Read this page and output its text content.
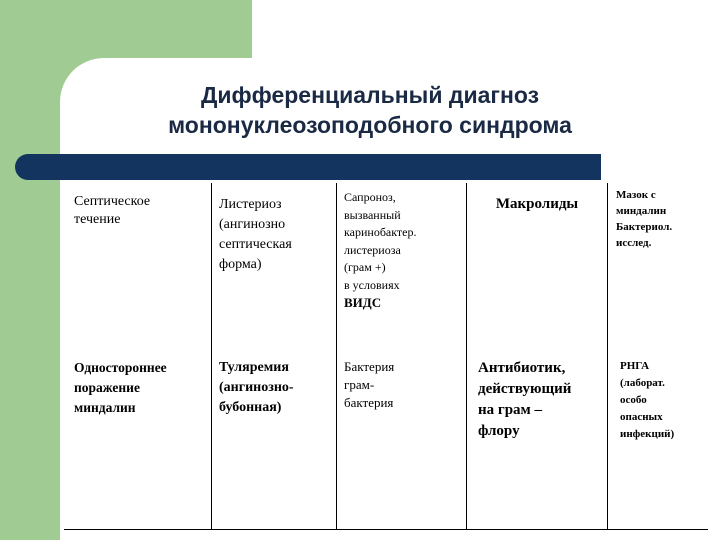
Дифференциальный диагноз
мононуклеозоподобного синдрома
Септическое
течение
Листериоз
(ангинозно
септическая
форма)
Сапроноз,
вызванный
каринобактер.
листериоза
(грам +)
в условиях
ВИДС
Макролиды
Мазок с
миндалин
Бактериол.
исслед.
Одностороннее
поражение
миндалин
Туляремия
(ангинозно-
бубонная)
Бактерия
грам-
бактерия
Антибиотик,
действующий
на грам –
флору
РНГА
(лаборат.
особо
опасных
инфекций)
